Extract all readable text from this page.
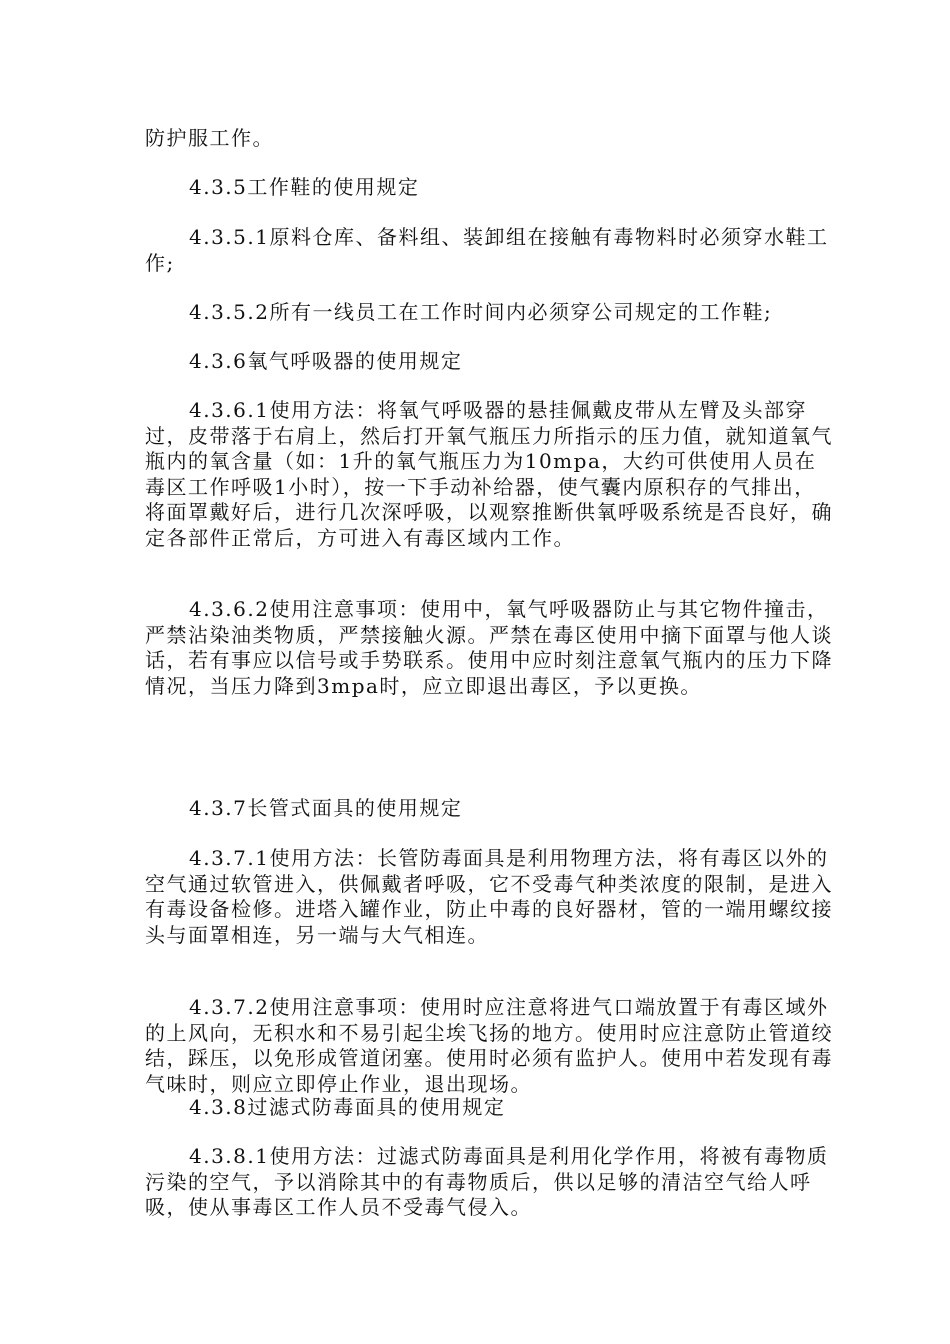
防护服工作。

4.3.5工作鞋的使用规定

4.3.5.1原料仓库、备料组、装卸组在接触有毒物料时必须穿水鞋工作;

4.3.5.2所有一线员工在工作时间内必须穿公司规定的工作鞋;

4.3.6氧气呼吸器的使用规定

4.3.6.1使用方法：将氧气呼吸器的悬挂佩戴皮带从左臂及头部穿过，皮带落于右肩上，然后打开氧气瓶压力所指示的压力值，就知道氧气瓶内的氧含量（如：1升的氧气瓶压力为10mpa，大约可供使用人员在毒区工作呼吸1小时），按一下手动补给器，使气囊内原积存的气排出，将面罩戴好后，进行几次深呼吸，以观察推断供氧呼吸系统是否良好，确定各部件正常后，方可进入有毒区域内工作。

4.3.6.2使用注意事项：使用中，氧气呼吸器防止与其它物件撞击，严禁沾染油类物质，严禁接触火源。严禁在毒区使用中摘下面罩与他人谈话，若有事应以信号或手势联系。使用中应时刻注意氧气瓶内的压力下降情况，当压力降到3mpa时，应立即退出毒区，予以更换。

4.3.7长管式面具的使用规定

4.3.7.1使用方法：长管防毒面具是利用物理方法，将有毒区以外的空气通过软管进入，供佩戴者呼吸，它不受毒气种类浓度的限制，是进入有毒设备检修。进塔入罐作业，防止中毒的良好器材，管的一端用螺纹接头与面罩相连，另一端与大气相连。

4.3.7.2使用注意事项：使用时应注意将进气口端放置于有毒区域外的上风向，无积水和不易引起尘埃飞扬的地方。使用时应注意防止管道绞结，踩压，以免形成管道闭塞。使用时必须有监护人。使用中若发现有毒气味时，则应立即停止作业，退出现场。

4.3.8过滤式防毒面具的使用规定

4.3.8.1使用方法：过滤式防毒面具是利用化学作用，将被有毒物质污染的空气，予以消除其中的有毒物质后，供以足够的清洁空气给人呼吸，使从事毒区工作人员不受毒气侵入。
